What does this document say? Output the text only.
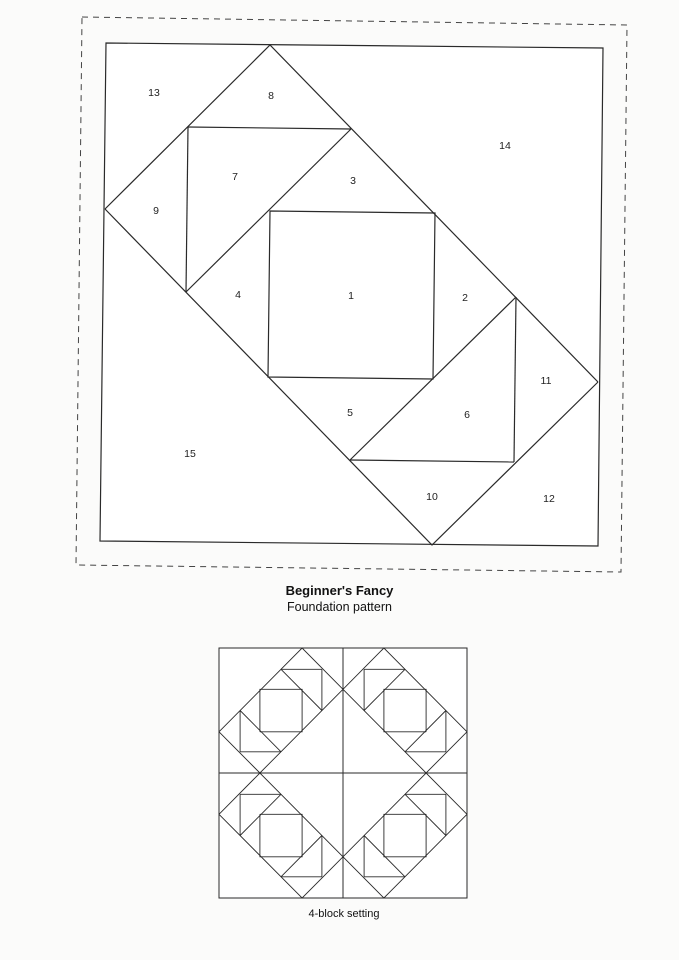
1	2
3
4
5	6
7
8
9
10
11
12
13
14
15
Beginner's Fancy
Foundation pattern
4-block setting
